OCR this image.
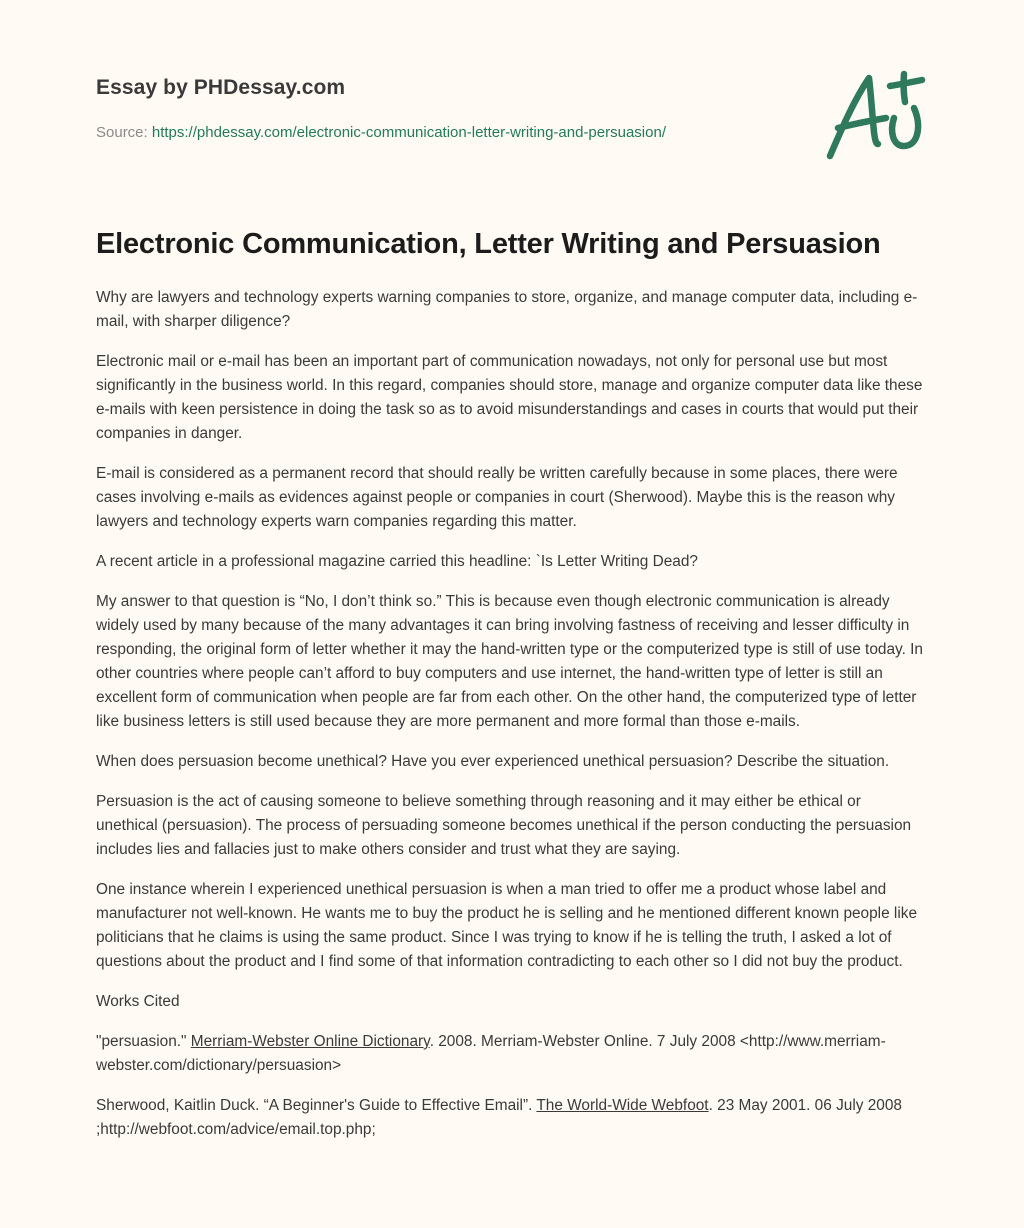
Essay by PHDessay.com
Source: https://phdessay.com/electronic-communication-letter-writing-and-persuasion/
Electronic Communication, Letter Writing and Persuasion

Why are lawyers and technology experts warning companies to store, organize, and manage computer data, including e-mail, with sharper diligence?

Electronic mail or e-mail has been an important part of communication nowadays, not only for personal use but most significantly in the business world. In this regard, companies should store, manage and organize computer data like these e-mails with keen persistence in doing the task so as to avoid misunderstandings and cases in courts that would put their companies in danger.

E-mail is considered as a permanent record that should really be written carefully because in some places, there were cases involving e-mails as evidences against people or companies in court (Sherwood). Maybe this is the reason why lawyers and technology experts warn companies regarding this matter.

A recent article in a professional magazine carried this headline: `Is Letter Writing Dead?

My answer to that question is “No, I don’t think so.” This is because even though electronic communication is already widely used by many because of the many advantages it can bring involving fastness of receiving and lesser difficulty in responding, the original form of letter whether it may the hand-written type or the computerized type is still of use today. In other countries where people can’t afford to buy computers and use internet, the hand-written type of letter is still an excellent form of communication when people are far from each other. On the other hand, the computerized type of letter like business letters is still used because they are more permanent and more formal than those e-mails.

When does persuasion become unethical? Have you ever experienced unethical persuasion? Describe the situation.

Persuasion is the act of causing someone to believe something through reasoning and it may either be ethical or unethical (persuasion). The process of persuading someone becomes unethical if the person conducting the persuasion includes lies and fallacies just to make others consider and trust what they are saying.

One instance wherein I experienced unethical persuasion is when a man tried to offer me a product whose label and manufacturer not well-known. He wants me to buy the product he is selling and he mentioned different known people like politicians that he claims is using the same product. Since I was trying to know if he is telling the truth, I asked a lot of questions about the product and I find some of that information contradicting to each other so I did not buy the product.

Works Cited

"persuasion." Merriam-Webster Online Dictionary. 2008. Merriam-Webster Online. 7 July 2008 <http://www.merriam-webster.com/dictionary/persuasion>

Sherwood, Kaitlin Duck. “A Beginner's Guide to Effective Email”. The World-Wide Webfoot. 23 May 2001. 06 July 2008 ;http://webfoot.com/advice/email.top.php;
